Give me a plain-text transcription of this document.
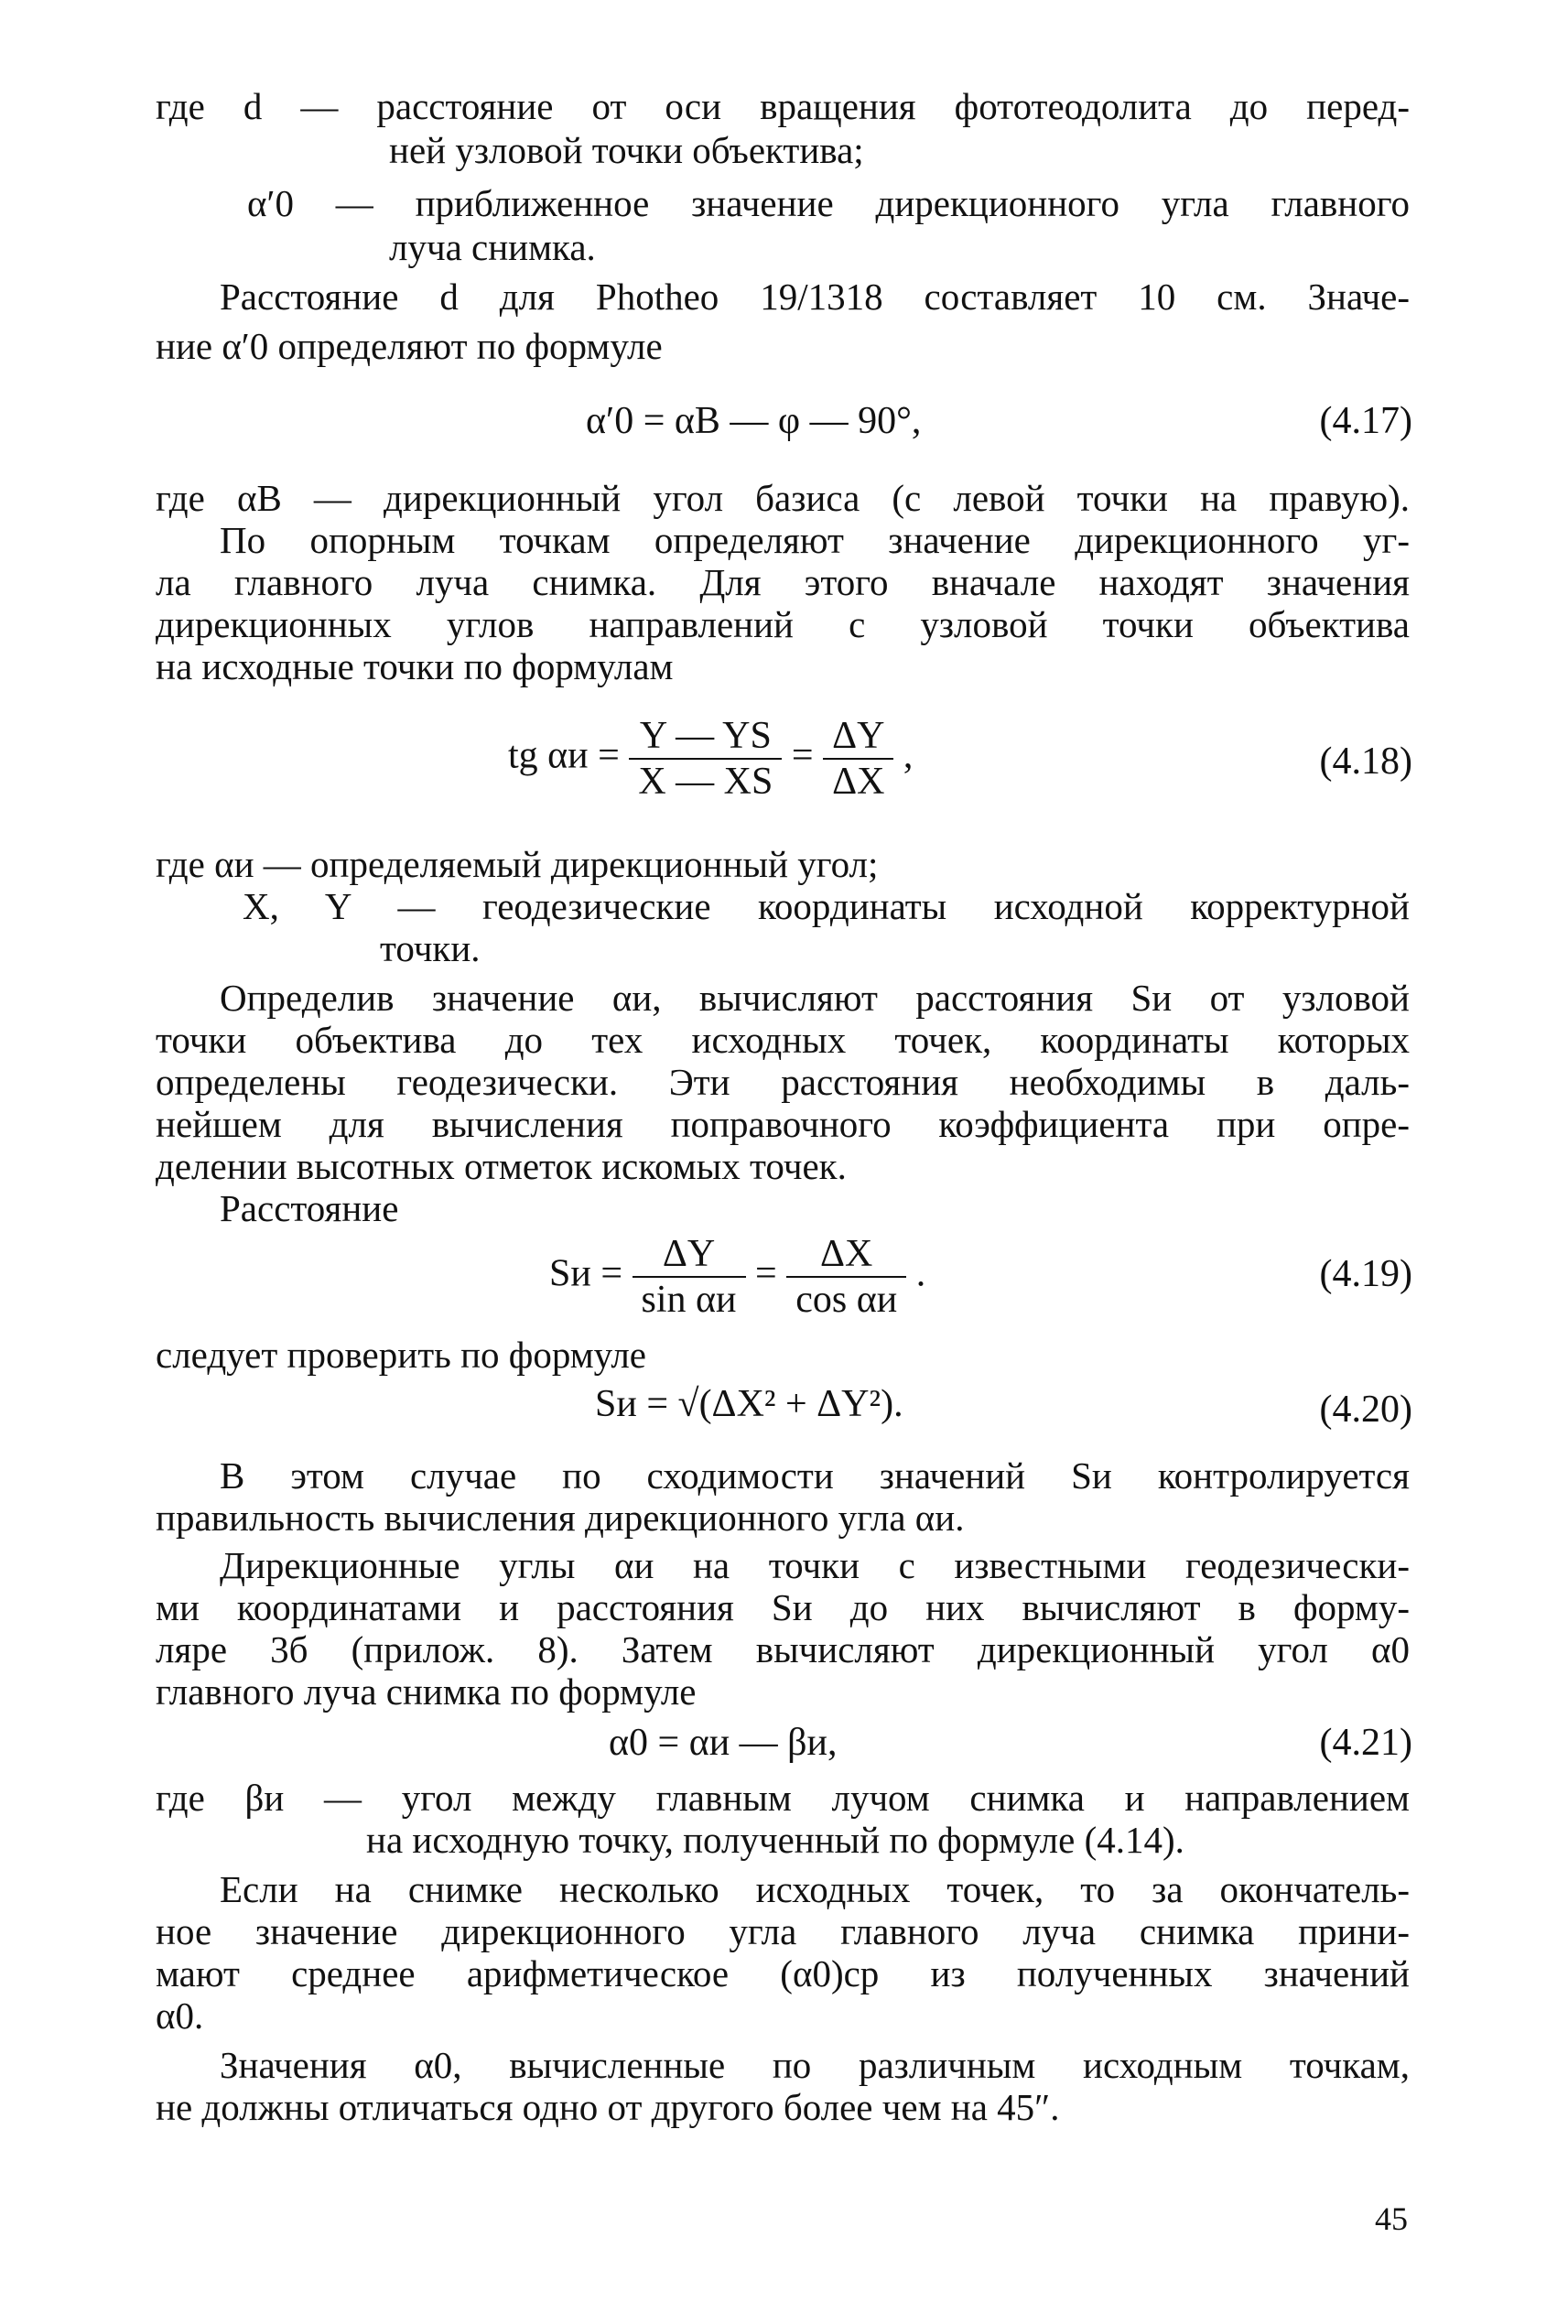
где d — расстояние от оси вращения фототеодолита до перед-
ней узловой точки объектива;
α′0 — приближенное значение дирекционного угла главного
луча снимка.
Расстояние d для Photheo 19/1318 составляет 10 см. Значе-
ние α′0 определяют по формуле
α′0 = αB — φ — 90°,	(4.17)
где αB — дирекционный угол базиса (с левой точки на правую).
По опорным точкам определяют значение дирекционного уг-
ла главного луча снимка. Для этого вначале находят значения
дирекционных углов направлений с узловой точки объектива
на исходные точки по формулам
tg $\alpha и = \frac{Y — YS}{X — XS} = \frac{\Delta Y}{\Delta X}$ ,	(4.18)
где αи — определяемый дирекционный угол;
X, Y — геодезические координаты исходной корректурной
точки.
Определив значение αи, вычисляют расстояния Sи от узловой
точки объектива до тех исходных точек, координаты которых
определены геодезически. Эти расстояния необходимы в даль-
нейшем для вычисления поправочного коэффициента при опре-
делении высотных отметок искомых точек.
Расстояние
Sи = $\frac{\Delta Y}{\text{sin αи}} = \frac{\Delta X}{\text{cos αи}}$ .	(4.19)
следует проверить по формуле
Sи = √(ΔX² + ΔY²).	(4.20)
В этом случае по сходимости значений Sи контролируется
правильность вычисления дирекционного угла αи.
Дирекционные углы αи на точки с известными геодезически-
ми координатами и расстояния Sи до них вычисляют в форму-
ляре 3б (прилож. 8). Затем вычисляют дирекционный угол α0
главного луча снимка по формуле
α0 = αи — βи,	(4.21)
где βи — угол между главным лучом снимка и направлением
на исходную точку, полученный по формуле (4.14).
Если на снимке несколько исходных точек, то за окончатель-
ное значение дирекционного угла главного луча снимка прини-
мают среднее арифметическое (α0)ср из полученных значений
α0.
Значения α0, вычисленные по различным исходным точкам,
не должны отличаться одно от другого более чем на 45″.
45
